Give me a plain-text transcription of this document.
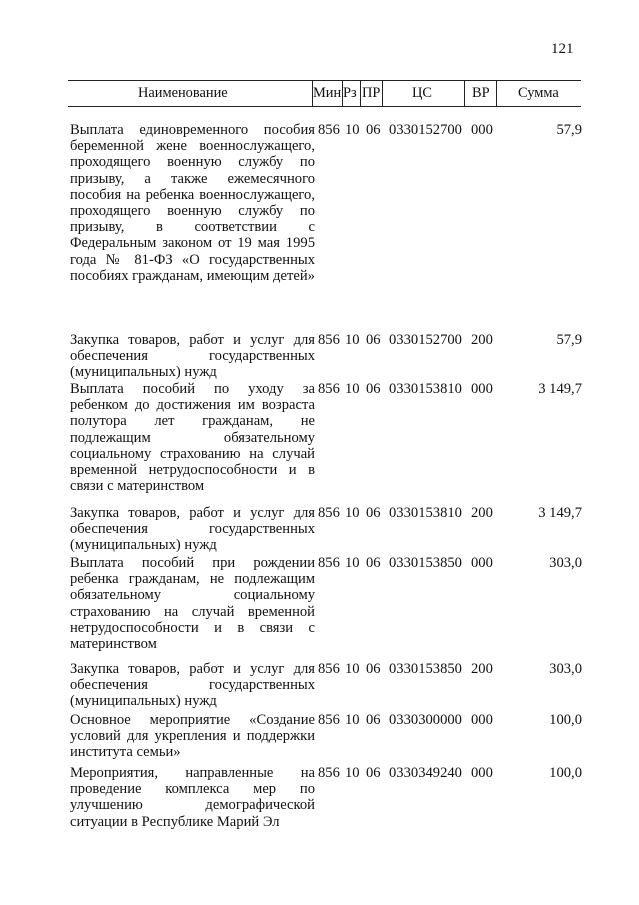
121
Наименование	Мин Рз ПР ЦС	ВР Сумма
Выплата единовременного пособия беременной жене военнослужащего, проходящего военную службу по призыву, а также ежемесячного пособия на ребенка военнослужащего, проходящего военную службу по призыву, в соответствии с Федеральным законом от 19 мая 1995 года № 81-ФЗ «О государственных пособиях гражданам, имеющим детей»
856 10 06 0330152700 000	57,9
Закупка товаров, работ и услуг для обеспечения государственных (муниципальных) нужд
856 10 06 0330152700 200	57,9
Выплата пособий по уходу за ребенком до достижения им возраста полутора лет гражданам, не подлежащим обязательному социальному страхованию на случай временной нетрудоспособности и в связи с материнством
856 10 06 0330153810 000	3 149,7
Закупка товаров, работ и услуг для обеспечения государственных (муниципальных) нужд
856 10 06 0330153810 200	3 149,7
Выплата пособий при рождении ребенка гражданам, не подлежащим обязательному социальному страхованию на случай временной нетрудоспособности и в связи с материнством
856 10 06 0330153850 000	303,0
Закупка товаров, работ и услуг для обеспечения государственных (муниципальных) нужд
856 10 06 0330153850 200	303,0
Основное мероприятие «Создание условий для укрепления и поддержки института семьи»
856 10 06 0330300000 000	100,0
Мероприятия, направленные на проведение комплекса мер по улучшению демографической ситуации в Республике Марий Эл
856 10 06 0330349240 000	100,0
